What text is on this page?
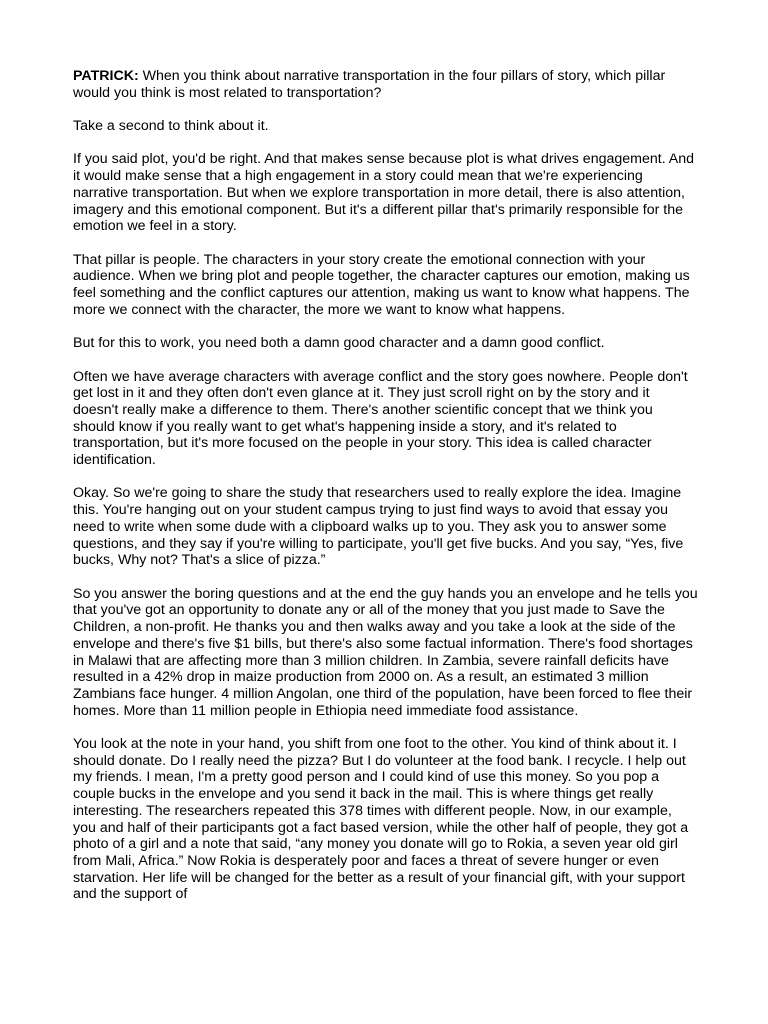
PATRICK: When you think about narrative transportation in the four pillars of story, which pillar would you think is most related to transportation?

Take a second to think about it.

If you said plot, you'd be right. And that makes sense because plot is what drives engagement. And it would make sense that a high engagement in a story could mean that we're experiencing narrative transportation. But when we explore transportation in more detail, there is also attention, imagery and this emotional component. But it's a different pillar that's primarily responsible for the emotion we feel in a story.

That pillar is people. The characters in your story create the emotional connection with your audience. When we bring plot and people together, the character captures our emotion, making us feel something and the conflict captures our attention, making us want to know what happens. The more we connect with the character, the more we want to know what happens.

But for this to work, you need both a damn good character and a damn good conflict.

Often we have average characters with average conflict and the story goes nowhere. People don't get lost in it and they often don't even glance at it. They just scroll right on by the story and it doesn't really make a difference to them. There's another scientific concept that we think you should know if you really want to get what's happening inside a story, and it's related to transportation, but it's more focused on the people in your story. This idea is called character identification.

Okay. So we're going to share the study that researchers used to really explore the idea. Imagine this. You're hanging out on your student campus trying to just find ways to avoid that essay you need to write when some dude with a clipboard walks up to you. They ask you to answer some questions, and they say if you're willing to participate, you'll get five bucks. And you say, “Yes, five bucks, Why not? That's a slice of pizza.”

So you answer the boring questions and at the end the guy hands you an envelope and he tells you that you've got an opportunity to donate any or all of the money that you just made to Save the Children, a non-profit. He thanks you and then walks away and you take a look at the side of the envelope and there's five $1 bills, but there's also some factual information. There's food shortages in Malawi that are affecting more than 3 million children. In Zambia, severe rainfall deficits have resulted in a 42% drop in maize production from 2000 on. As a result, an estimated 3 million Zambians face hunger. 4 million Angolan, one third of the population, have been forced to flee their homes. More than 11 million people in Ethiopia need immediate food assistance.

You look at the note in your hand, you shift from one foot to the other. You kind of think about it. I should donate. Do I really need the pizza? But I do volunteer at the food bank. I recycle. I help out my friends. I mean, I'm a pretty good person and I could kind of use this money. So you pop a couple bucks in the envelope and you send it back in the mail. This is where things get really interesting. The researchers repeated this 378 times with different people. Now, in our example, you and half of their participants got a fact based version, while the other half of people, they got a photo of a girl and a note that said, “any money you donate will go to Rokia, a seven year old girl from Mali, Africa.” Now Rokia is desperately poor and faces a threat of severe hunger or even starvation. Her life will be changed for the better as a result of your financial gift, with your support and the support of
